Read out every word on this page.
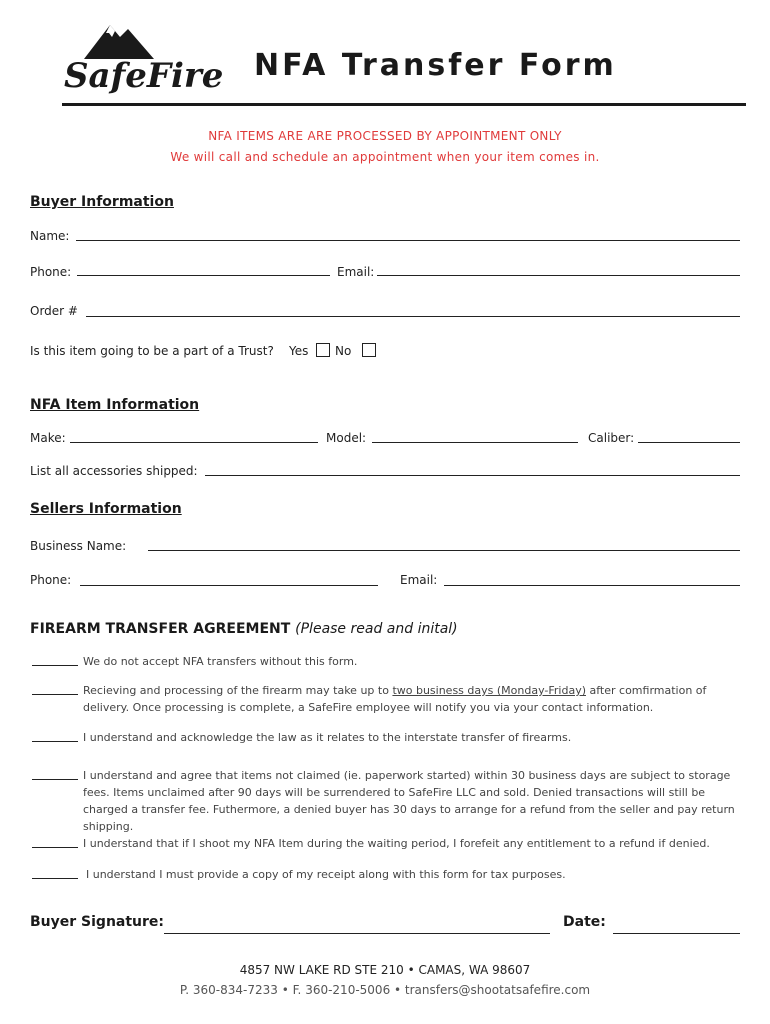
SafeFire NFA Transfer Form
NFA ITEMS ARE ARE PROCESSED BY APPOINTMENT ONLY
We will call and schedule an appointment when your item comes in.
Buyer Information
Name:
Phone:	Email:
Order #
Is this item going to be a part of a Trust? Yes No
NFA Item Information
Make:	Model:	Caliber:
List all accessories shipped:
Sellers Information
Business Name:
Phone:	Email:
FIREARM TRANSFER AGREEMENT (Please read and inital)
We do not accept NFA transfers without this form.
Recieving and processing of the firearm may take up to two business days (Monday-Friday) after comfirmation of delivery. Once processing is complete, a SafeFire employee will notify you via your contact information.
I understand and acknowledge the law as it relates to the interstate transfer of firearms.
I understand and agree that items not claimed (ie. paperwork started) within 30 business days are subject to storage fees. Items unclaimed after 90 days will be surrendered to SafeFire LLC and sold. Denied transactions will still be charged a transfer fee. Futhermore, a denied buyer has 30 days to arrange for a refund from the seller and pay return shipping.
I understand that if I shoot my NFA Item during the waiting period, I forefeit any entitlement to a refund if denied.
I understand I must provide a copy of my receipt along with this form for tax purposes.
Buyer Signature:	Date:
4857 NW LAKE RD STE 210 • CAMAS, WA 98607
P. 360-834-7233 • F. 360-210-5006 • transfers@shootatsafefire.com
